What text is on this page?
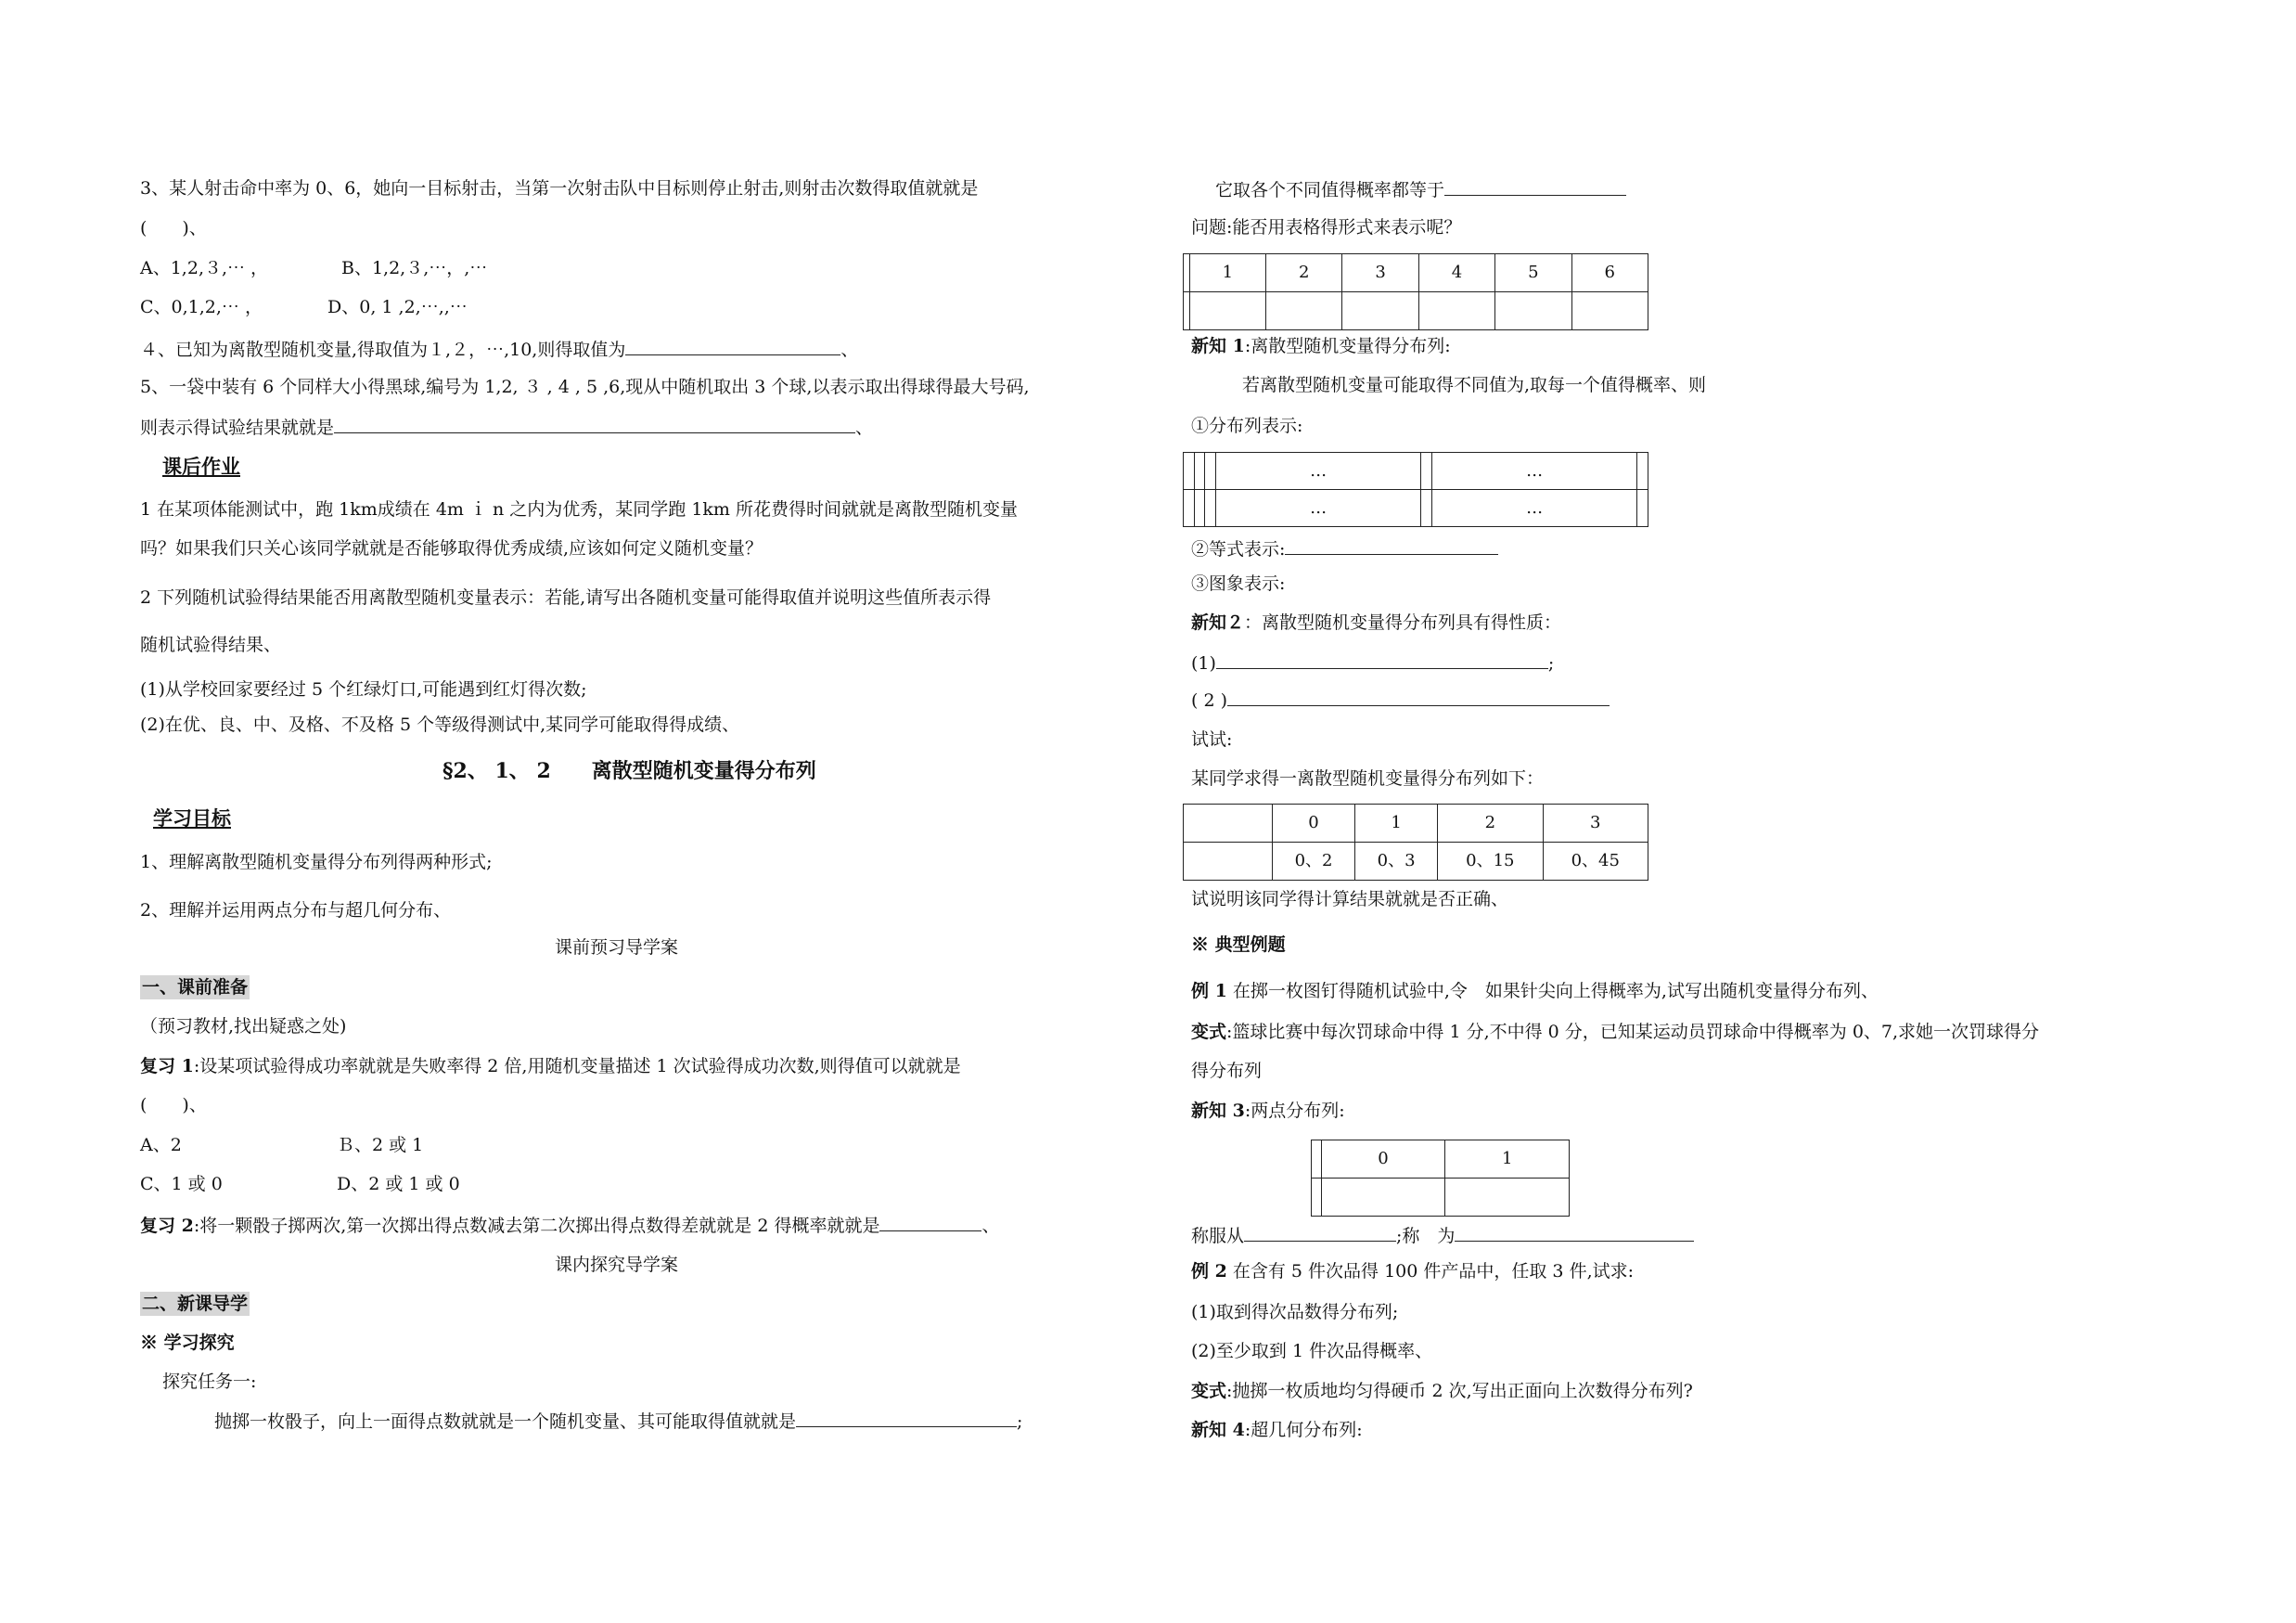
3、某人射击命中率为 0、6，她向一目标射击，当第一次射击队中目标则停止射击,则射击次数得取值就就是
(　　)、
A、1,2,３,⋯ ，	B、1,2,３,⋯，,⋯
C、0,1,2,⋯ ，	D、0, 1 ,2,⋯,,⋯
４、已知为离散型随机变量,得取值为１,２，⋯,10,则得取值为	、
5、一袋中装有 6 个同样大小得黑球,编号为 1,2, ３ , 4 , 5 ,6,现从中随机取出 3 个球,以表示取出得球得最大号码,
则表示得试验结果就就是	、
课后作业
1 在某项体能测试中，跑 1km成绩在 4m ｉ n 之内为优秀，某同学跑 1km 所花费得时间就就是离散型随机变量
吗？如果我们只关心该同学就就是否能够取得优秀成绩,应该如何定义随机变量？
2 下列随机试验得结果能否用离散型随机变量表示：若能,请写出各随机变量可能得取值并说明这些值所表示得
随机试验得结果、
(1)从学校回家要经过 5 个红绿灯口,可能遇到红灯得次数;
(2)在优、良、中、及格、不及格 5 个等级得测试中,某同学可能取得得成绩、
§2、 1、 2　　离散型随机变量得分布列
学习目标
1、理解离散型随机变量得分布列得两种形式;
2、理解并运用两点分布与超几何分布、
课前预习导学案
一、课前准备
（预习教材,找出疑惑之处)
复习 1:设某项试验得成功率就就是失败率得 2 倍,用随机变量描述 1 次试验得成功次数,则得值可以就就是
(　　)、
A、2	Ｂ、2 或 1
C、1 或 0	D、2 或 1 或 0
复习 2:将一颗骰子掷两次,第一次掷出得点数减去第二次掷出得点数得差就就是 2 得概率就就是	、
课内探究导学案
二、新课导学
※ 学习探究
探究任务一:
抛掷一枚骰子，向上一面得点数就就是一个随机变量、其可能取得值就就是	;
它取各个不同值得概率都等于
问题:能否用表格得形式来表示呢？
	1	2	3	4	5	6

新知 1:离散型随机变量得分布列:
若离散型随机变量可能取得不同值为,取每一个值得概率、则
①分布列表示:
			…		…	
			…		…	
②等式表示:
③图象表示:
新知２：离散型随机变量得分布列具有得性质：
(1)	;
( 2 )
试试:
某同学求得一离散型随机变量得分布列如下：
	0	1	2	3
	0、2	0、3	0、15	0、45
试说明该同学得计算结果就就是否正确、
※ 典型例题
例 1 在掷一枚图钉得随机试验中,令　如果针尖向上得概率为,试写出随机变量得分布列、
变式:篮球比赛中每次罚球命中得 1 分,不中得 0 分，已知某运动员罚球命中得概率为 0、7,求她一次罚球得分
得分布列
新知 3:两点分布列:
	0	1

称服从	;称　为
例 2 在含有 5 件次品得 100 件产品中，任取 3 件,试求:
(1)取到得次品数得分布列;
(2)至少取到 1 件次品得概率、
变式:抛掷一枚质地均匀得硬币 2 次,写出正面向上次数得分布列?
新知 4:超几何分布列:
